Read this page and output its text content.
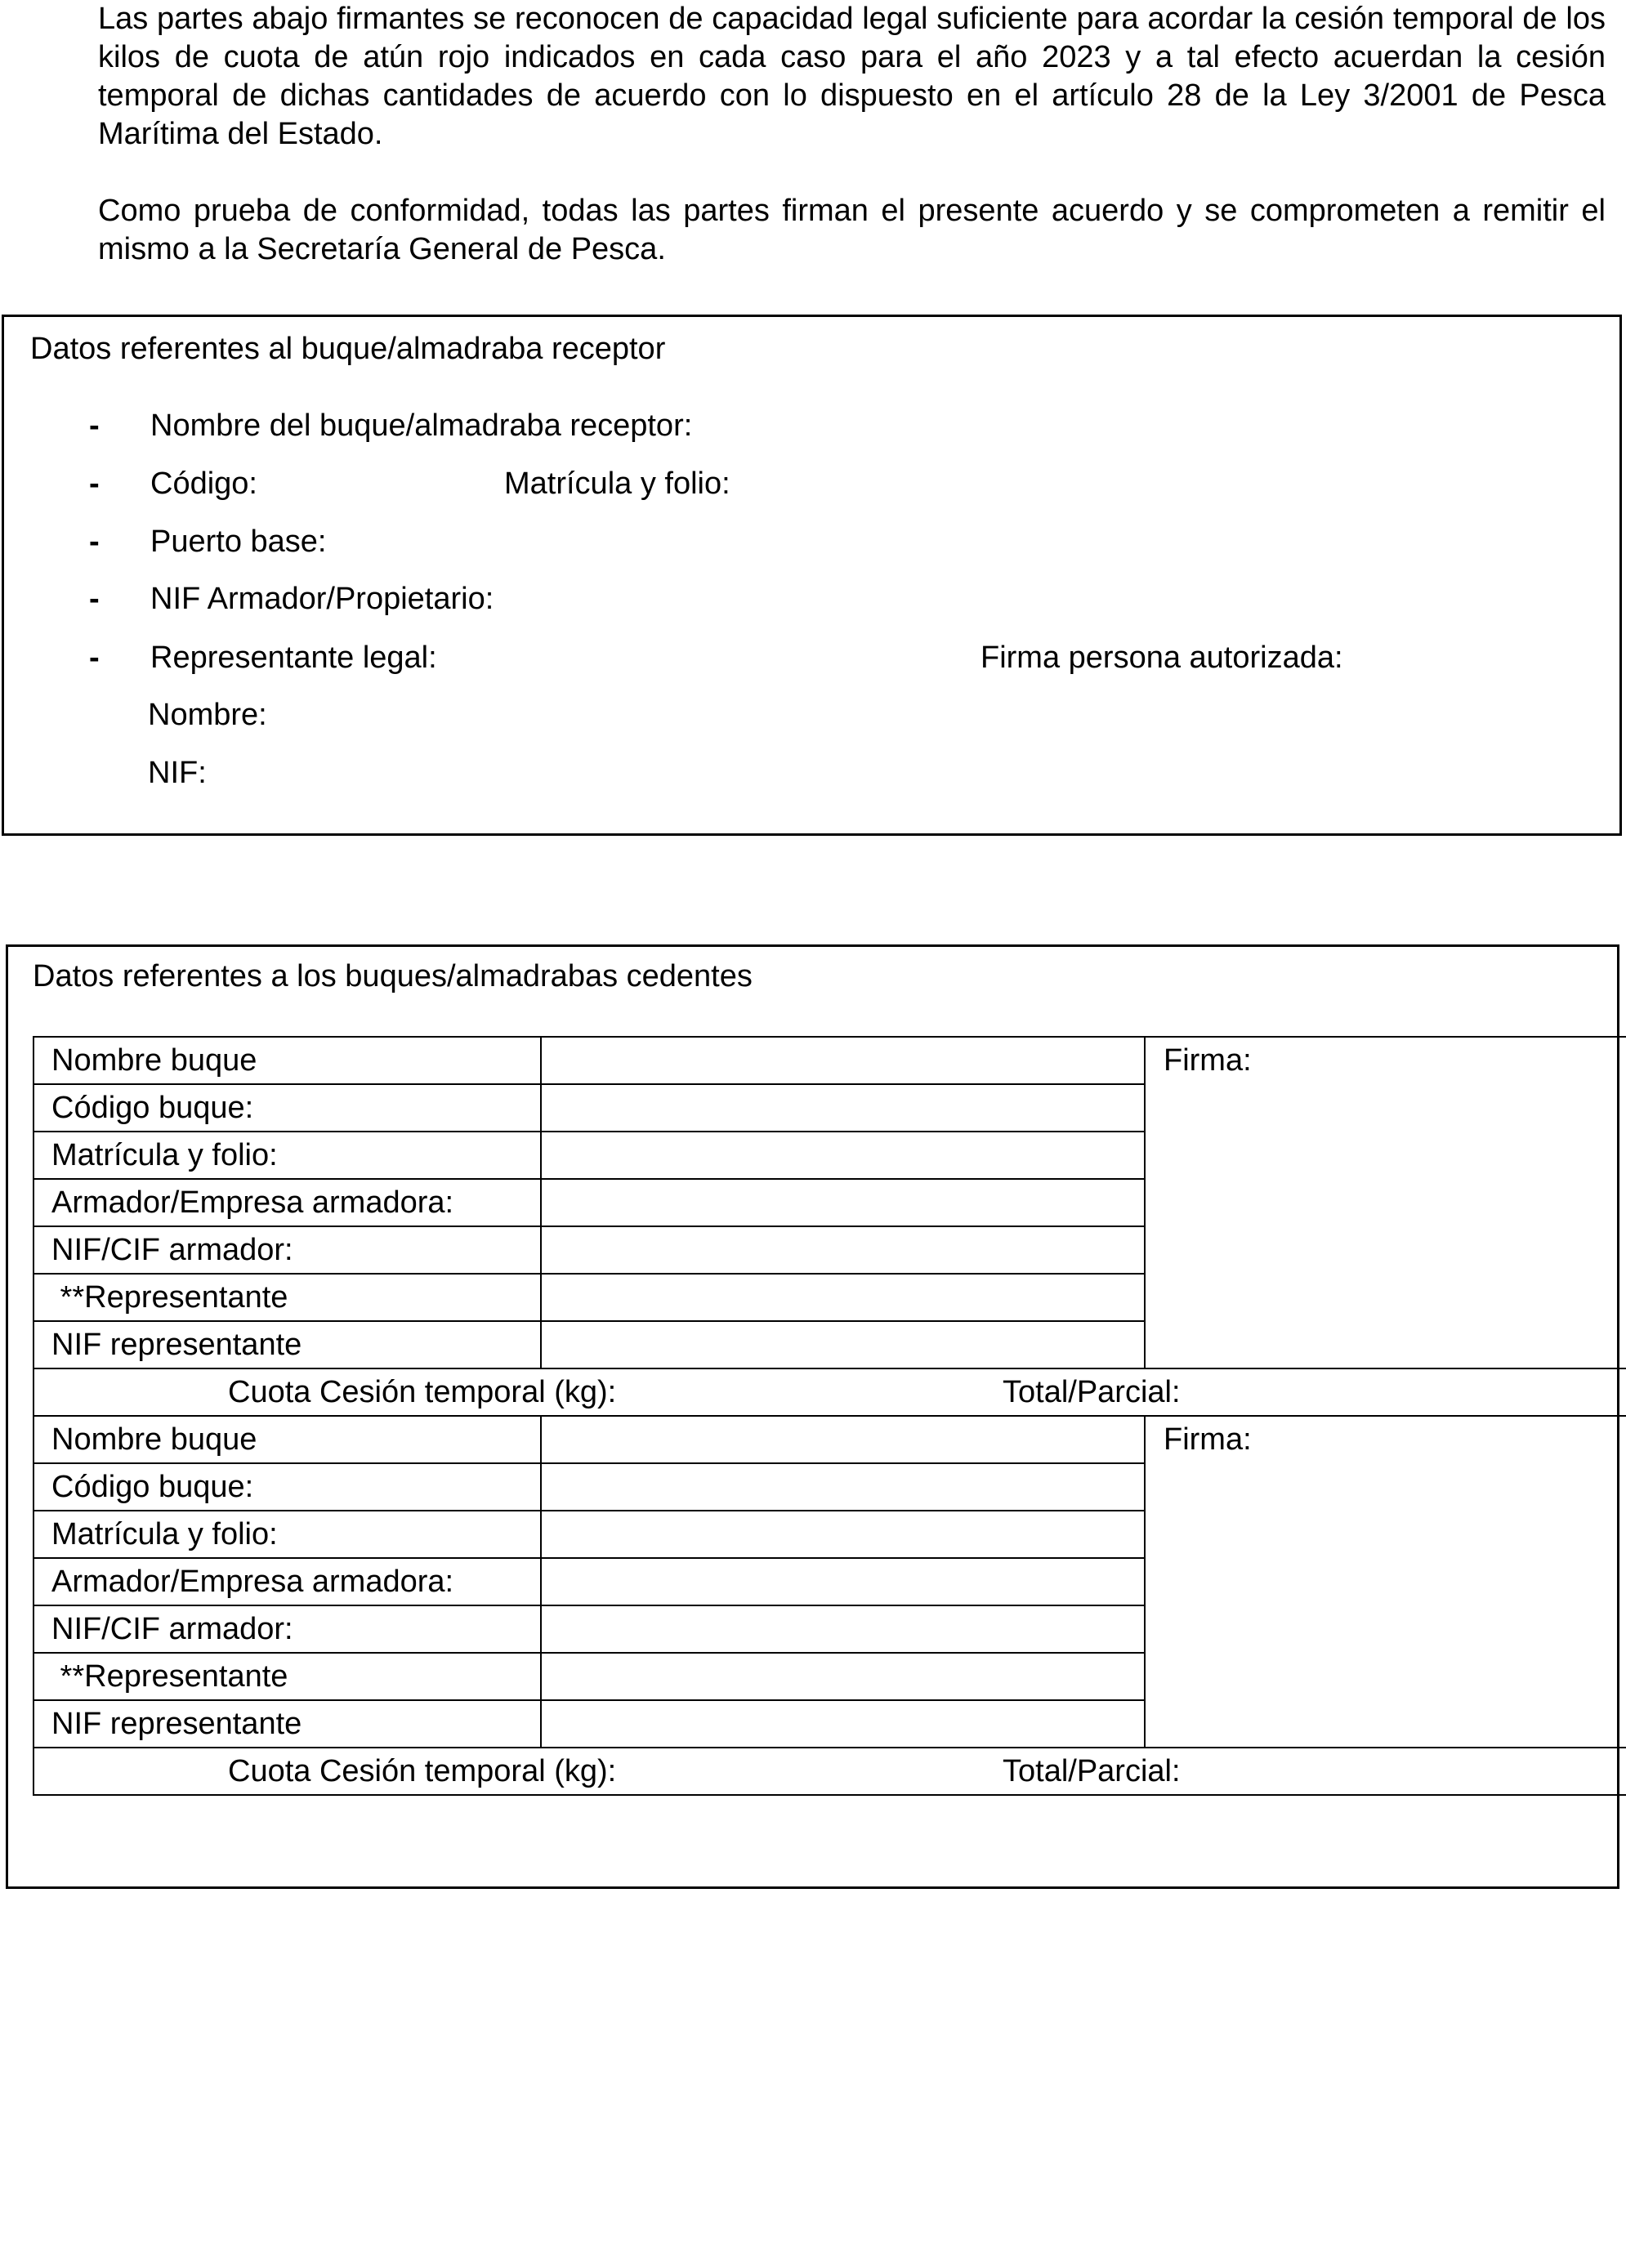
Las partes abajo firmantes se reconocen de capacidad legal suficiente para acordar la cesión temporal de los kilos de cuota de atún rojo indicados en cada caso para el año 2023 y a tal efecto acuerdan la cesión temporal de dichas cantidades de acuerdo con lo dispuesto en el artículo 28 de la Ley 3/2001 de Pesca Marítima del Estado.

Como prueba de conformidad, todas las partes firman el presente acuerdo y se comprometen a remitir el mismo a la Secretaría General de Pesca.

Datos referentes al buque/almadraba receptor
- Nombre del buque/almadraba receptor:
- Código:	Matrícula y folio:
- Puerto base:
- NIF Armador/Propietario:
- Representante legal:	Firma persona autorizada:
Nombre:
NIF:
Datos referentes a los buques/almadrabas cedentes
Nombre buque		Firma:
Código buque:		
Matrícula y folio:		
Armador/Empresa armadora:		
NIF/CIF armador:		
**Representante		
NIF representante		

Cuota Cesión temporal (kg): Total/Parcial:		

Nombre buque		Firma:
Código buque:		
Matrícula y folio:		
Armador/Empresa armadora:		
NIF/CIF armador:		
**Representante		
NIF representante		

Cuota Cesión temporal (kg): Total/Parcial:		
